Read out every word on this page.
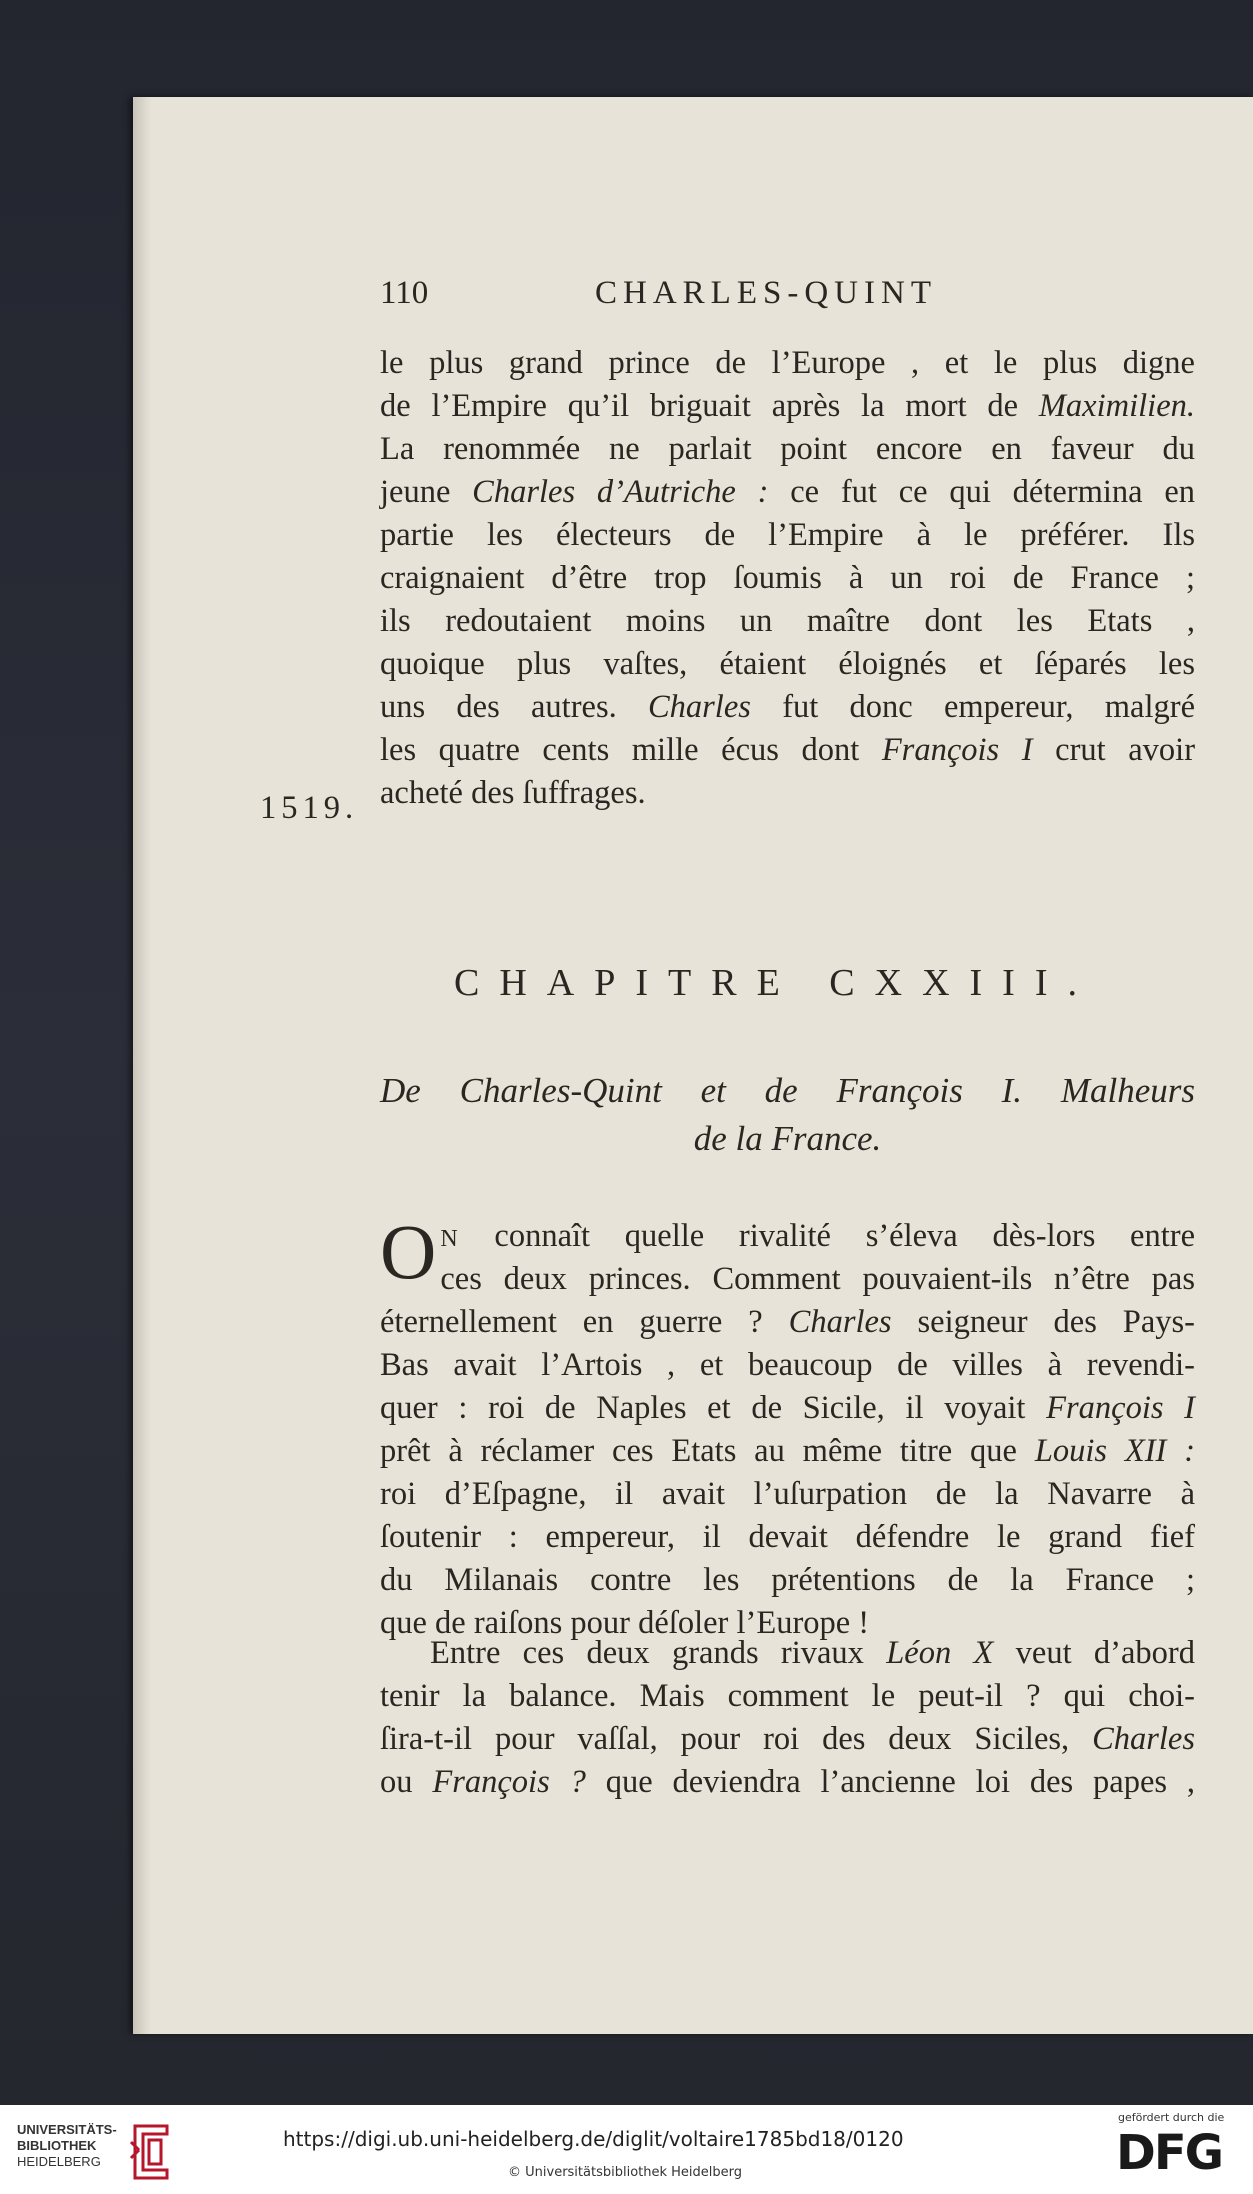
110	CHARLES-QUINT
le plus grand prince de l’Europe , et le plus digne
de l’Empire qu’il briguait après la mort de Maximilien.
La renommée ne parlait point encore en faveur du
jeune Charles d’Autriche : ce fut ce qui détermina en
partie les électeurs de l’Empire à le préférer. Ils
craignaient d’être trop ſoumis à un roi de France ;
ils redoutaient moins un maître dont les Etats ,
quoique plus vaſtes, étaient éloignés et ſéparés les
uns des autres. Charles fut donc empereur, malgré
les quatre cents mille écus dont François I crut avoir
acheté des ſuffrages.
1519.
CHAPITRE CXXIII.
De Charles-Quint et de François I. Malheurs
de la France.
O N connaît quelle rivalité s’éleva dès-lors entre
ces deux princes. Comment pouvaient-ils n’être pas
éternellement en guerre ? Charles seigneur des Pays-
Bas avait l’Artois , et beaucoup de villes à revendi-
quer : roi de Naples et de Sicile, il voyait François I
prêt à réclamer ces Etats au même titre que Louis XII :
roi d’Eſpagne, il avait l’uſurpation de la Navarre à
ſoutenir : empereur, il devait défendre le grand fief
du Milanais contre les prétentions de la France ;
que de raiſons pour déſoler l’Europe !
Entre ces deux grands rivaux Léon X veut d’abord
tenir la balance. Mais comment le peut-il ? qui choi-
ſira-t-il pour vaſſal, pour roi des deux Siciles, Charles
ou François ? que deviendra l’ancienne loi des papes ,
UNIVERSITÄTS-
BIBLIOTHEK
HEIDELBERG
https://digi.ub.uni-heidelberg.de/diglit/voltaire1785bd18/0120
© Universitätsbibliothek Heidelberg
gefördert durch die
DFG
